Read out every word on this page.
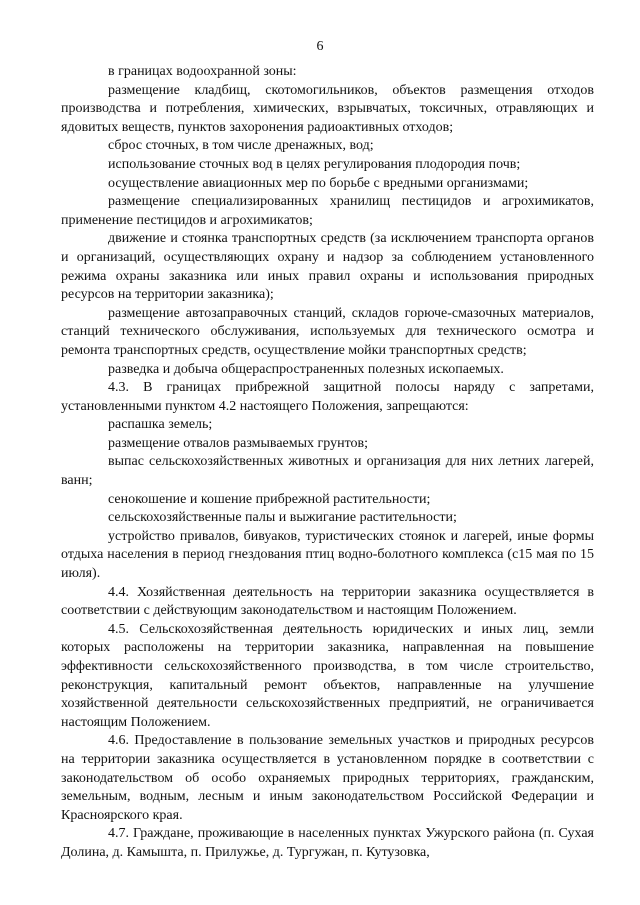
6

в границах водоохранной зоны:

размещение кладбищ, скотомогильников, объектов размещения отходов производства и потребления, химических, взрывчатых, токсичных, отравляющих и ядовитых веществ, пунктов захоронения радиоактивных отходов;

сброс сточных, в том числе дренажных, вод;

использование сточных вод в целях регулирования плодородия почв;

осуществление авиационных мер по борьбе с вредными организмами;

размещение специализированных хранилищ пестицидов и агрохимикатов, применение пестицидов и агрохимикатов;

движение и стоянка транспортных средств (за исключением транспорта органов и организаций, осуществляющих охрану и надзор за соблюдением установленного режима охраны заказника или иных правил охраны и использования природных ресурсов на территории заказника);

размещение автозаправочных станций, складов горюче-смазочных материалов, станций технического обслуживания, используемых для технического осмотра и ремонта транспортных средств, осуществление мойки транспортных средств;

разведка и добыча общераспространенных полезных ископаемых.

4.3. В границах прибрежной защитной полосы наряду с запретами, установленными пунктом 4.2 настоящего Положения, запрещаются:

распашка земель;

размещение отвалов размываемых грунтов;

выпас сельскохозяйственных животных и организация для них летних лагерей, ванн;

сенокошение и кошение прибрежной растительности;

сельскохозяйственные палы и выжигание растительности;

устройство привалов, бивуаков, туристических стоянок и лагерей, иные формы отдыха населения в период гнездования птиц водно-болотного комплекса (с15 мая по 15 июля).

4.4. Хозяйственная деятельность на территории заказника осуществляется в соответствии с действующим законодательством и настоящим Положением.

4.5. Сельскохозяйственная деятельность юридических и иных лиц, земли которых расположены на территории заказника, направленная на повышение эффективности сельскохозяйственного производства, в том числе строительство, реконструкция, капитальный ремонт объектов, направленные на улучшение хозяйственной деятельности сельскохозяйственных предприятий, не ограничивается настоящим Положением.

4.6. Предоставление в пользование земельных участков и природных ресурсов на территории заказника осуществляется в установленном порядке в соответствии с законодательством об особо охраняемых природных территориях, гражданским, земельным, водным, лесным и иным законодательством Российской Федерации и Красноярского края.

4.7. Граждане, проживающие в населенных пунктах Ужурского района (п. Сухая Долина, д. Камышта, п. Прилужье, д. Тургужан, п. Кутузовка,
